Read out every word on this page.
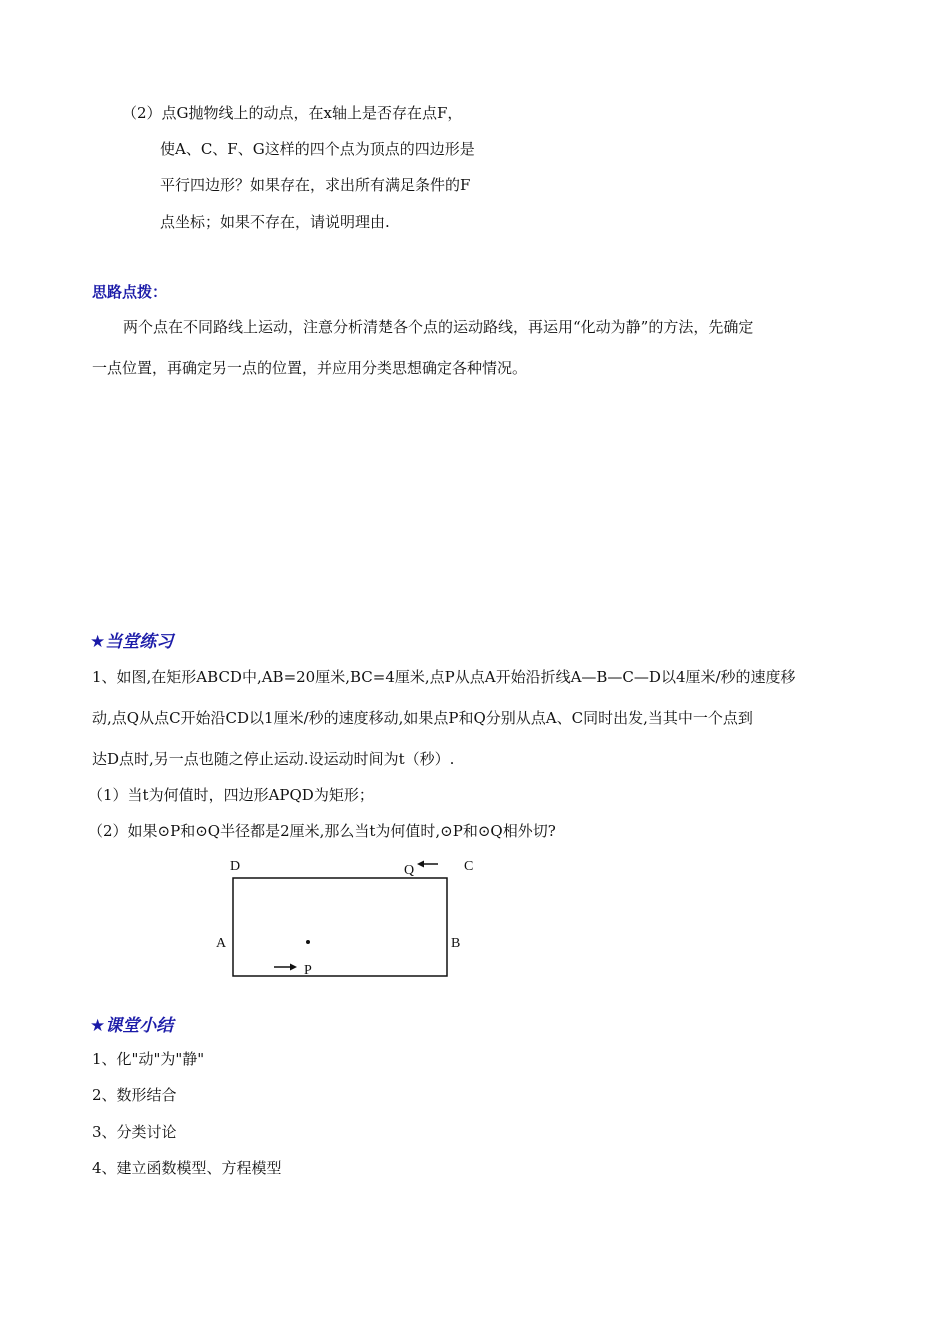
（2）点G抛物线上的动点，在x轴上是否存在点F，
使A、C、F、G这样的四个点为顶点的四边形是
平行四边形？如果存在，求出所有满足条件的F
点坐标；如果不存在，请说明理由.
思路点拨：
两个点在不同路线上运动，注意分析清楚各个点的运动路线，再运用“化动为静”的方法，先确定
一点位置，再确定另一点的位置，并应用分类思想确定各种情况。
★当堂练习
1、如图,在矩形ABCD中,AB=20厘米,BC=4厘米,点P从点A开始沿折线A—B—C—D以4厘米/秒的速度移
动,点Q从点C开始沿CD以1厘米/秒的速度移动,如果点P和Q分别从点A、C同时出发,当其中一个点到
达D点时,另一点也随之停止运动.设运动时间为t（秒）.
（1）当t为何值时，四边形APQD为矩形；
（2）如果⊙P和⊙Q半径都是2厘米,那么当t为何值时,⊙P和⊙Q相外切?
D	C
Q
A	B
P
★课堂小结
1、化"动"为"静"
2、数形结合
3、分类讨论
4、建立函数模型、方程模型
